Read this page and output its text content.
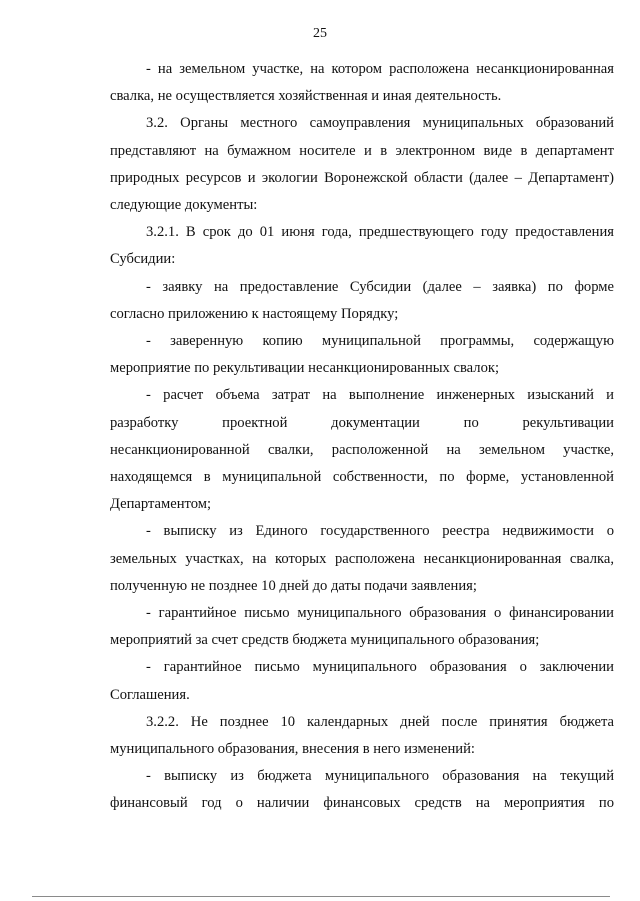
25
- на земельном участке, на котором расположена несанкционированная
свалка, не осуществляется хозяйственная и иная деятельность.
3.2. Органы местного самоуправления муниципальных образований
представляют на бумажном носителе и в электронном виде в департамент
природных ресурсов и экологии Воронежской области (далее – Департамент)
следующие документы:
3.2.1. В срок до 01 июня года, предшествующего году предоставления
Субсидии:
- заявку на предоставление Субсидии (далее – заявка) по форме
согласно приложению к настоящему Порядку;
- заверенную копию муниципальной программы, содержащую
мероприятие по рекультивации несанкционированных свалок;
- расчет объема затрат на выполнение инженерных изысканий и
разработку проектной документации по рекультивации
несанкционированной свалки, расположенной на земельном участке,
находящемся в муниципальной собственности, по форме, установленной
Департаментом;
- выписку из Единого государственного реестра недвижимости о
земельных участках, на которых расположена несанкционированная свалка,
полученную не позднее 10 дней до даты подачи заявления;
- гарантийное письмо муниципального образования о финансировании
мероприятий за счет средств бюджета муниципального образования;
- гарантийное письмо муниципального образования о заключении
Соглашения.
3.2.2. Не позднее 10 календарных дней после принятия бюджета
муниципального образования, внесения в него изменений:
- выписку из бюджета муниципального образования на текущий
финансовый год о наличии финансовых средств на мероприятия по
